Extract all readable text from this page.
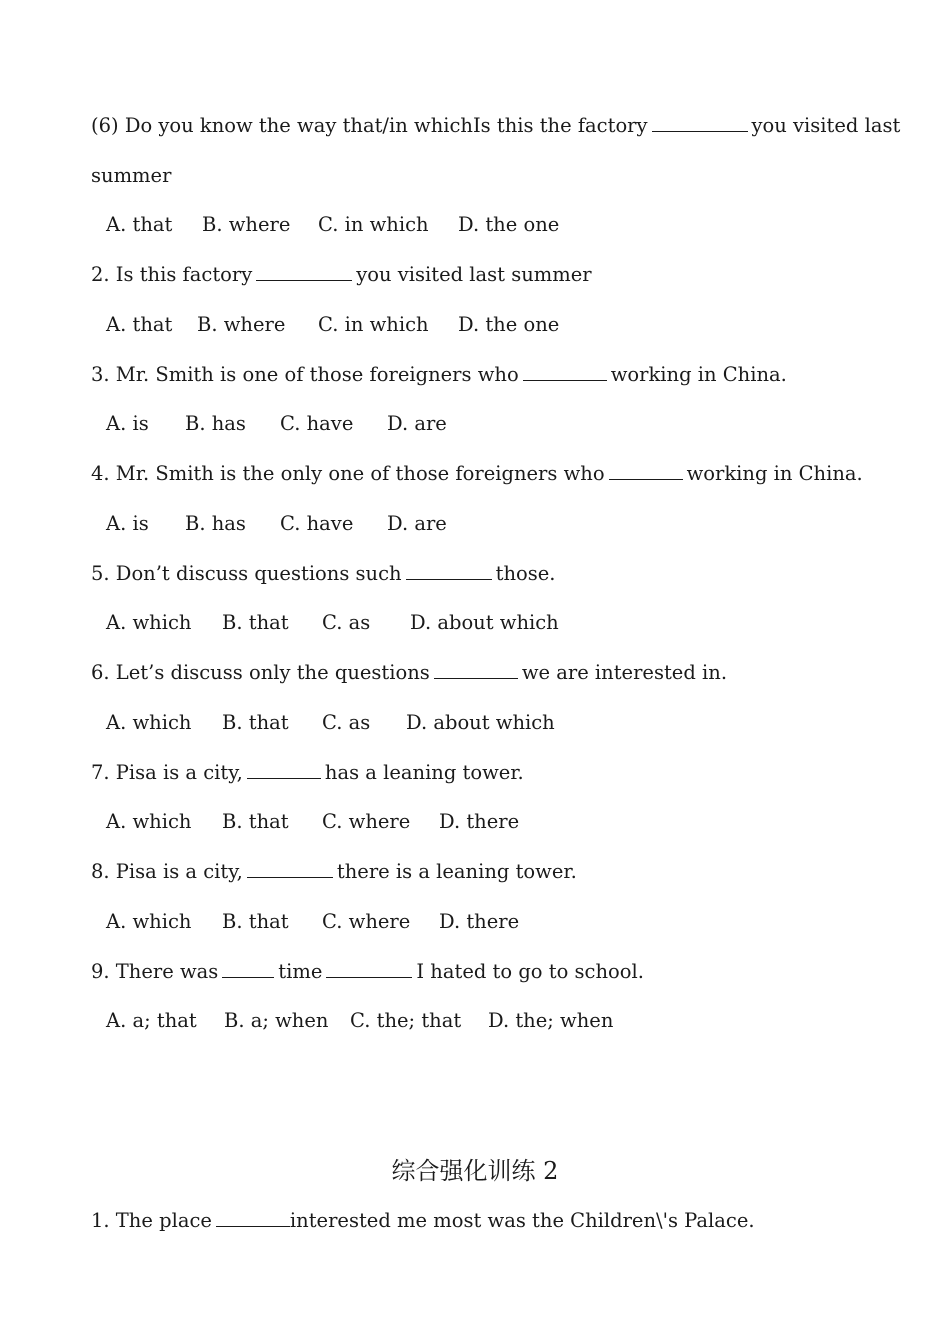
(6) Do you know the way that/in whichIs this the factory	you visited last
summer
A. that B. where C. in which D. the one
2. Is this factory	you visited last summer
A. that B. where C. in which D. the one
3. Mr. Smith is one of those foreigners who	working in China.
A. is B. has C. have D. are
4. Mr. Smith is the only one of those foreigners who	working in China.
A. is B. has C. have D. are
5. Don’t discuss questions such	those.
A. which B. that C. as D. about which
6. Let’s discuss only the questions	we are interested in.
A. which B. that C. as D. about which
7. Pisa is a city,	has a leaning tower.
A. which B. that C. where D. there
8. Pisa is a city,	there is a leaning tower.
A. which B. that C. where D. there
9. There was	time	I hated to go to school.
A. a; that B. a; when C. the; that D. the; when
综合强化训练 2
1. The place	interested me most was the Children\'s Palace.
